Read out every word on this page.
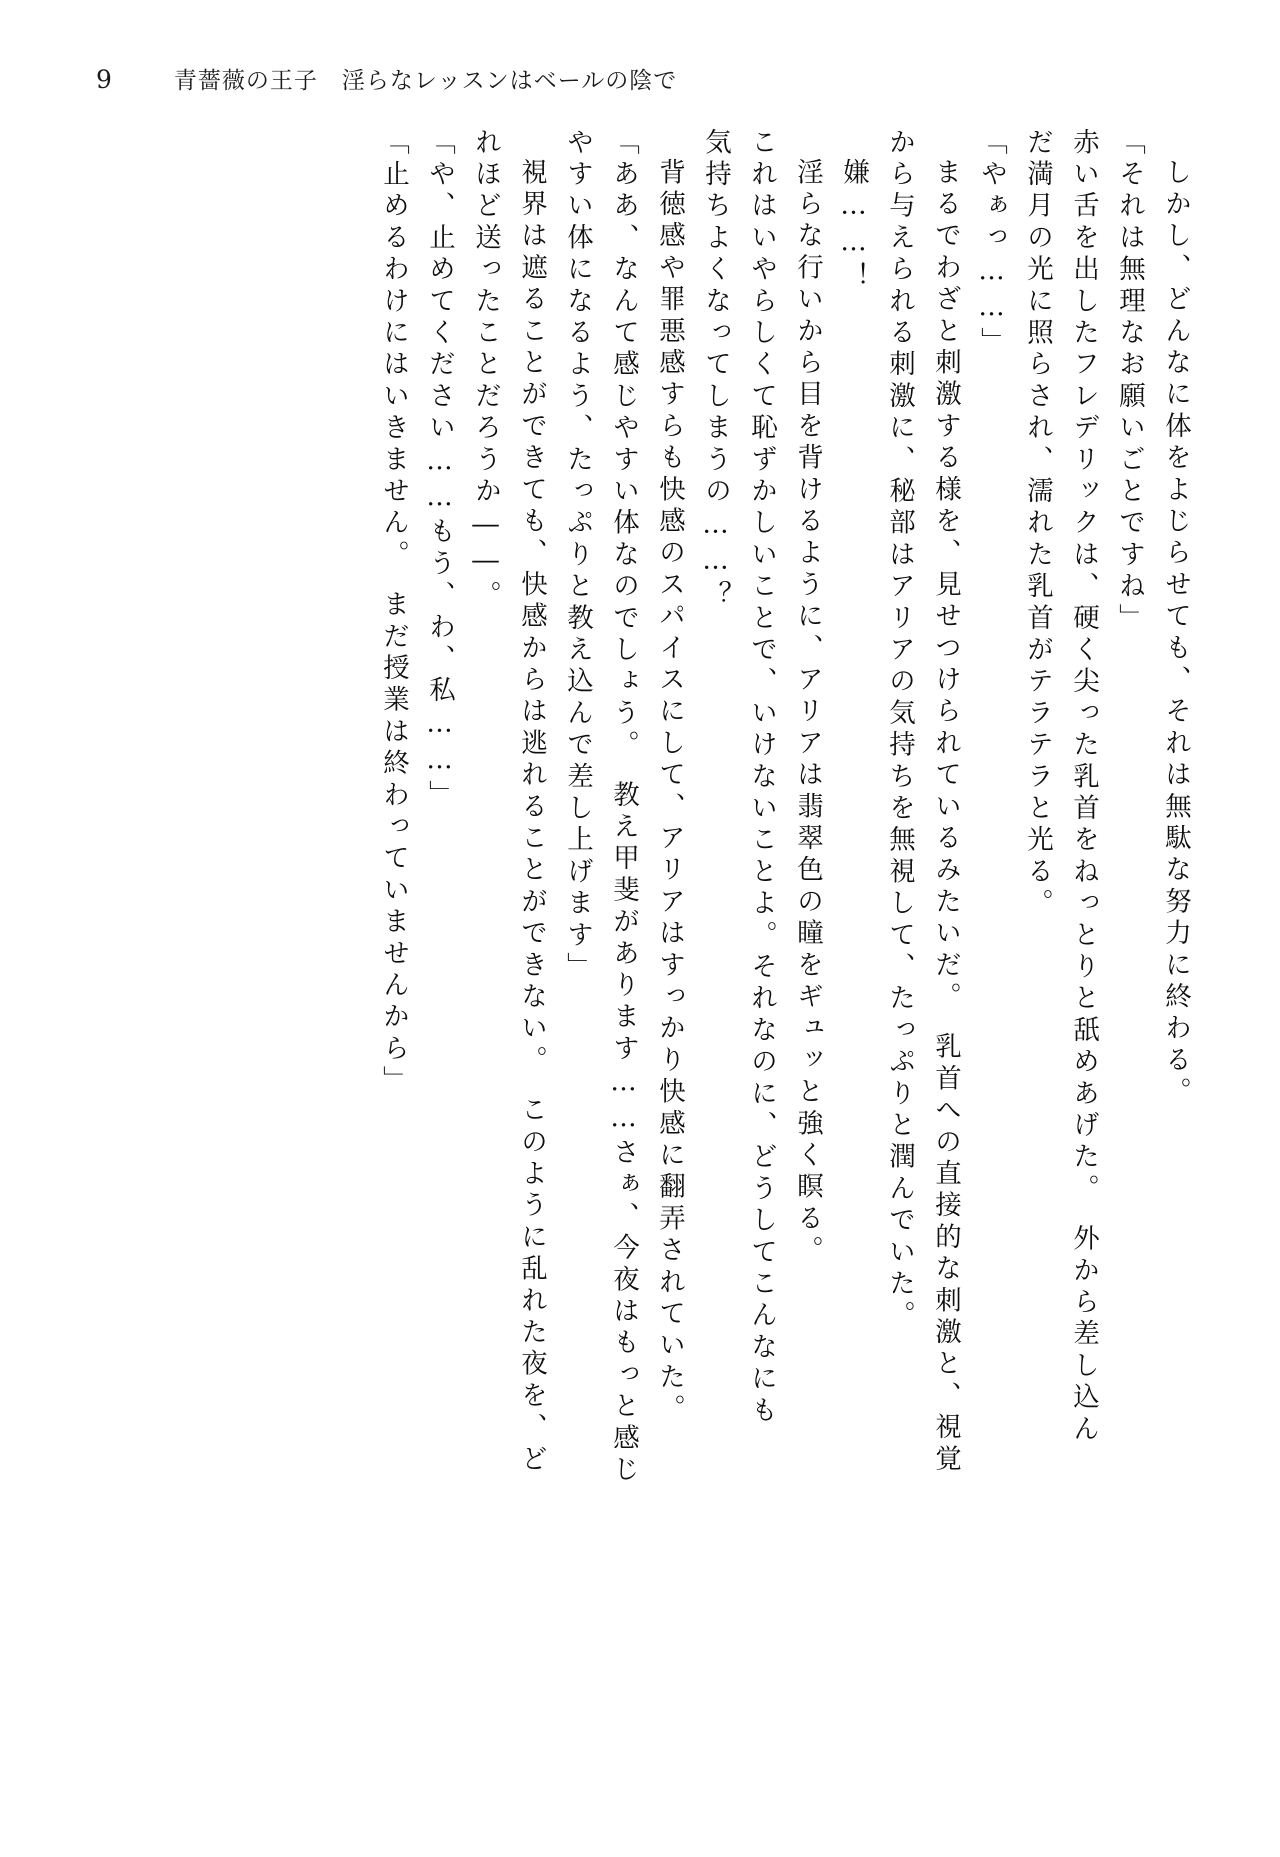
9	青薔薇の王子　淫らなレッスンはベールの陰で
しかし、どんなに体をよじらせても、それは無駄な努力に終わる。
「それは無理なお願いごとですね」
赤い舌を出したフレデリックは、硬く尖った乳首をねっとりと舐めあげた。　外から差し込ん
だ満月の光に照らされ、濡れた乳首がテラテラと光る。
「やぁっ……」
まるでわざと刺激する様を、見せつけられているみたいだ。　乳首への直接的な刺激と、視覚
から与えられる刺激に、秘部はアリアの気持ちを無視して、たっぷりと潤んでいた。
嫌……！
淫らな行いから目を背けるように、アリアは翡翠色の瞳をギュッと強く瞑る。
これはいやらしくて恥ずかしいことで、いけないことよ。それなのに、どうしてこんなにも
気持ちよくなってしまうの……？
背徳感や罪悪感すらも快感のスパイスにして、アリアはすっかり快感に翻弄されていた。
「ああ、なんて感じやすい体なのでしょう。　教え甲斐があります……さぁ、今夜はもっと感じ
やすい体になるよう、たっぷりと教え込んで差し上げます」
視界は遮ることができても、快感からは逃れることができない。　このように乱れた夜を、ど
れほど送ったことだろうか――。
「や、止めてください……もう、わ、私……」
「止めるわけにはいきません。　まだ授業は終わっていませんから」
